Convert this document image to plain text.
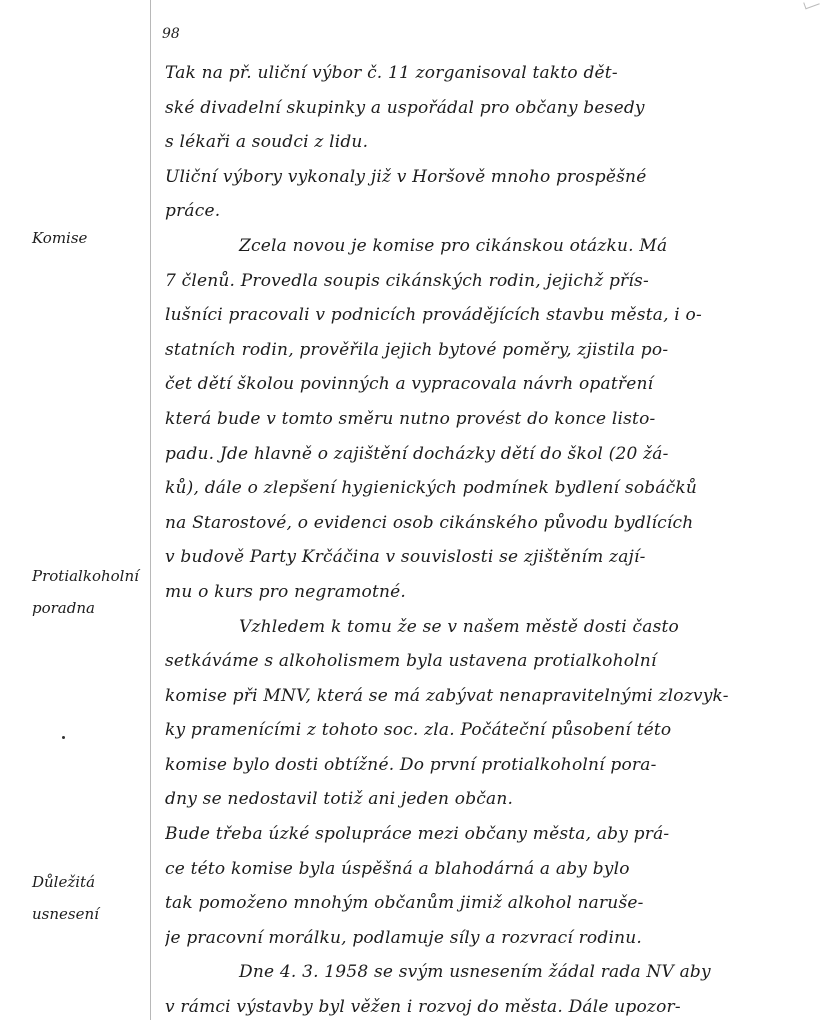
98
Komise
Protialkoholní
poradna
Důležitá
usnesení
Tak na př. uliční výbor č. 11 zorganisoval takto dět-
ské divadelní skupinky a uspořádal pro občany besedy
s lékaři a soudci z lidu.
Uliční výbory vykonaly již v Horšově mnoho prospěšné
práce.
Zcela novou je komise pro cikánskou otázku. Má
7 členů. Provedla soupis cikánských rodin, jejichž přís-
lušníci pracovali v podnicích provádějících stavbu města, i o-
statních rodin, prověřila jejich bytové poměry, zjistila po-
čet dětí školou povinných a vypracovala návrh opatření
která bude v tomto směru nutno provést do konce listo-
padu. Jde hlavně o zajištění docházky dětí do škol (20 žá-
ků), dále o zlepšení hygienických podmínek bydlení sobáčků
na Starostové, o evidenci osob cikánského původu bydlících
v budově Party Krčáčina v souvislosti se zjištěním zají-
mu o kurs pro negramotné.
Vzhledem k tomu že se v našem městě dosti často
setkáváme s alkoholismem byla ustavena protialkoholní
komise při MNV, která se má zabývat nenapravitelnými zlozvyk-
ky pramenícími z tohoto soc. zla. Počáteční působení této
komise bylo dosti obtížné. Do první protialkoholní pora-
dny se nedostavil totiž ani jeden občan.
Bude třeba úzké spolupráce mezi občany města, aby prá-
ce této komise byla úspěšná a blahodárná a aby bylo
tak pomoženo mnohým občanům jimiž alkohol naruše-
je pracovní morálku, podlamuje síly a rozvrací rodinu.
Dne 4. 3. 1958 se svým usnesením žádal rada NV aby
v rámci výstavby byl věžen i rozvoj do města. Dále upozor-
